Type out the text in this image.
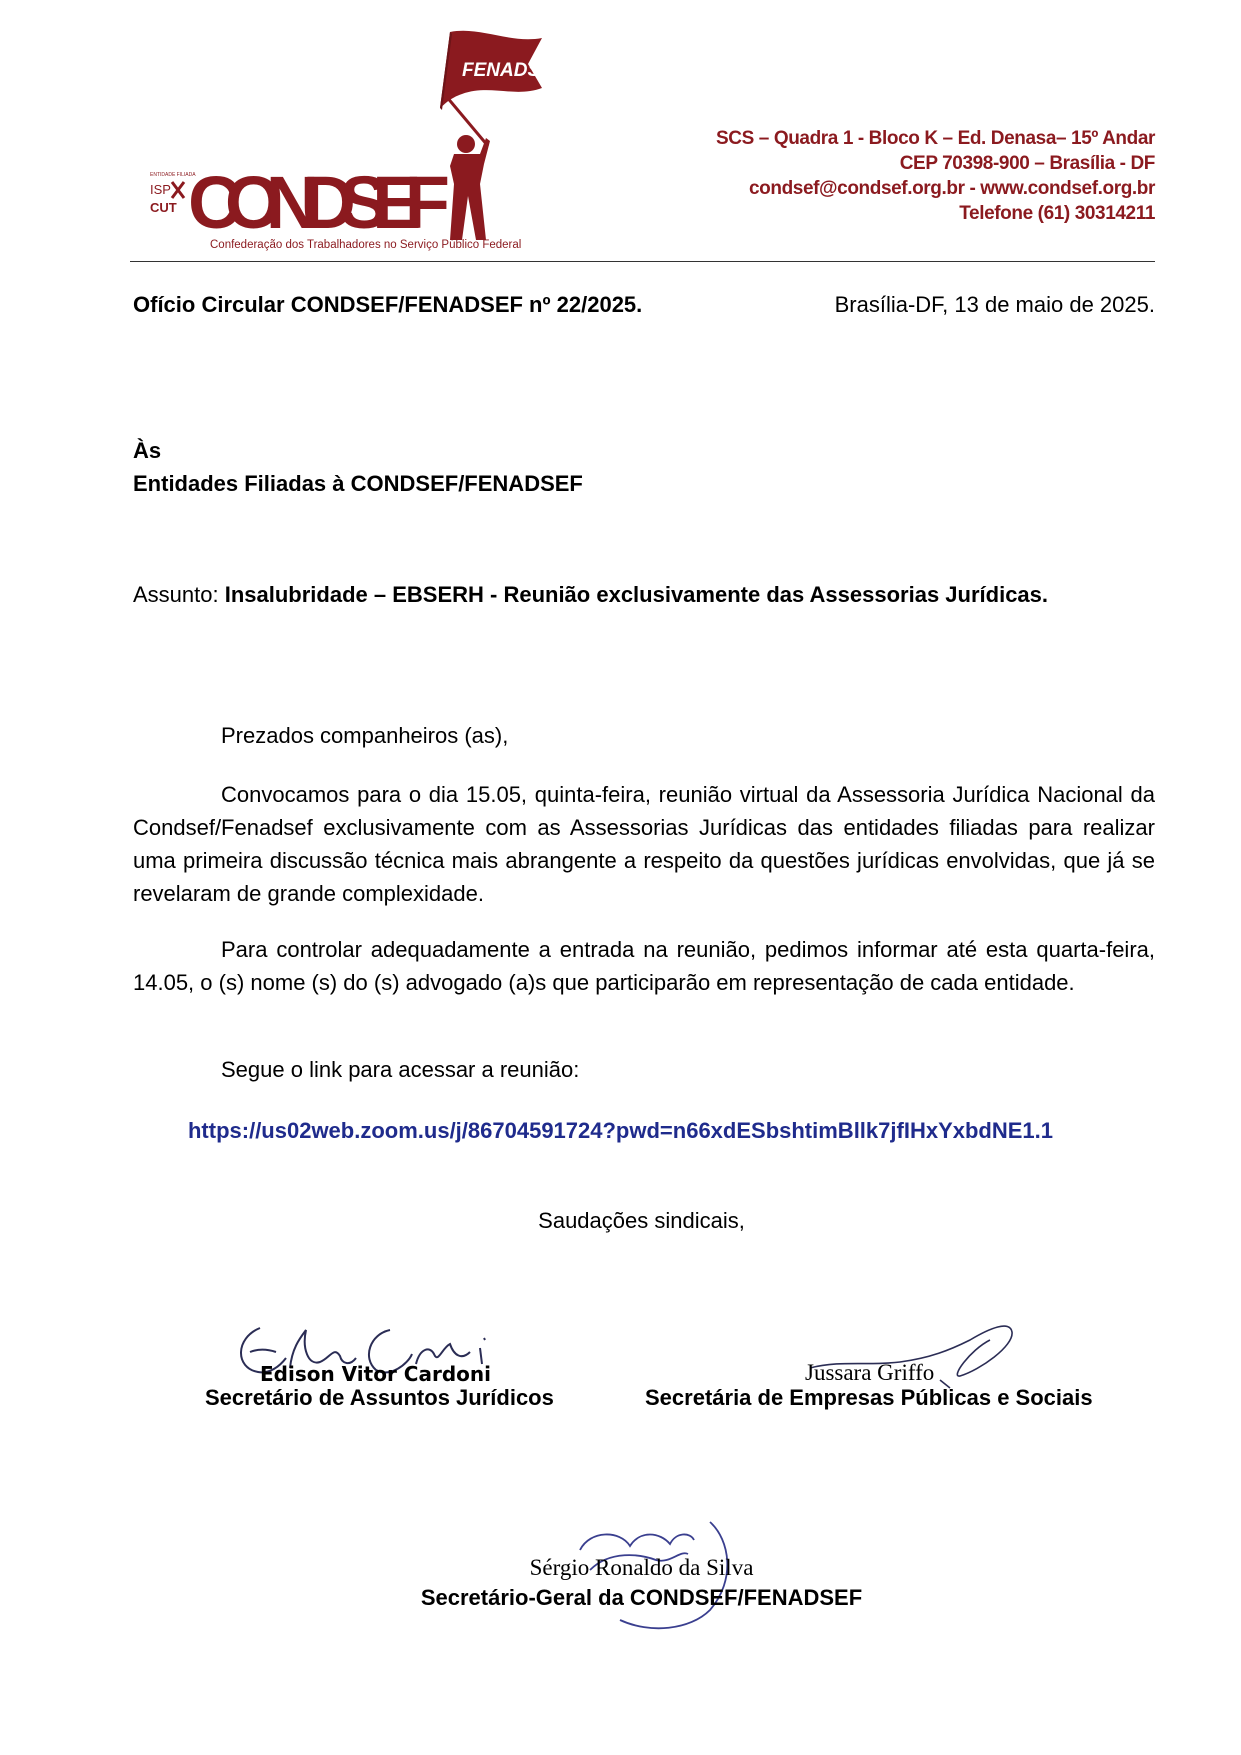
FENADSEF
ENTIDADE FILIADA
ISP
CUT CONDSEF
Confederação dos Trabalhadores no Serviço Público Federal
SCS – Quadra 1 - Bloco K – Ed. Denasa– 15º Andar
CEP 70398-900 – Brasília - DF
condsef@condsef.org.br - www.condsef.org.br
Telefone (61) 30314211
Ofício Circular CONDSEF/FENADSEF nº 22/2025.	Brasília-DF, 13 de maio de 2025.
Às
Entidades Filiadas à CONDSEF/FENADSEF
Assunto: Insalubridade – EBSERH - Reunião exclusivamente das Assessorias Jurídicas.
Prezados companheiros (as),
Convocamos para o dia 15.05, quinta-feira, reunião virtual da Assessoria Jurídica Nacional da Condsef/Fenadsef exclusivamente com as Assessorias Jurídicas das entidades filiadas para realizar uma primeira discussão técnica mais abrangente a respeito da questões jurídicas envolvidas, que já se revelaram de grande complexidade.
Para controlar adequadamente a entrada na reunião, pedimos informar até esta quarta-feira, 14.05, o (s) nome (s) do (s) advogado (a)s que participarão em representação de cada entidade.
Segue o link para acessar a reunião:
https://us02web.zoom.us/j/86704591724?pwd=n66xdESbshtimBllk7jfIHxYxbdNE1.1
Saudações sindicais,
Edison Vitor Cardoni
Secretário de Assuntos Jurídicos
Jussara Griffo
Secretária de Empresas Públicas e Sociais
Sérgio Ronaldo da Silva
Secretário-Geral da CONDSEF/FENADSEF
